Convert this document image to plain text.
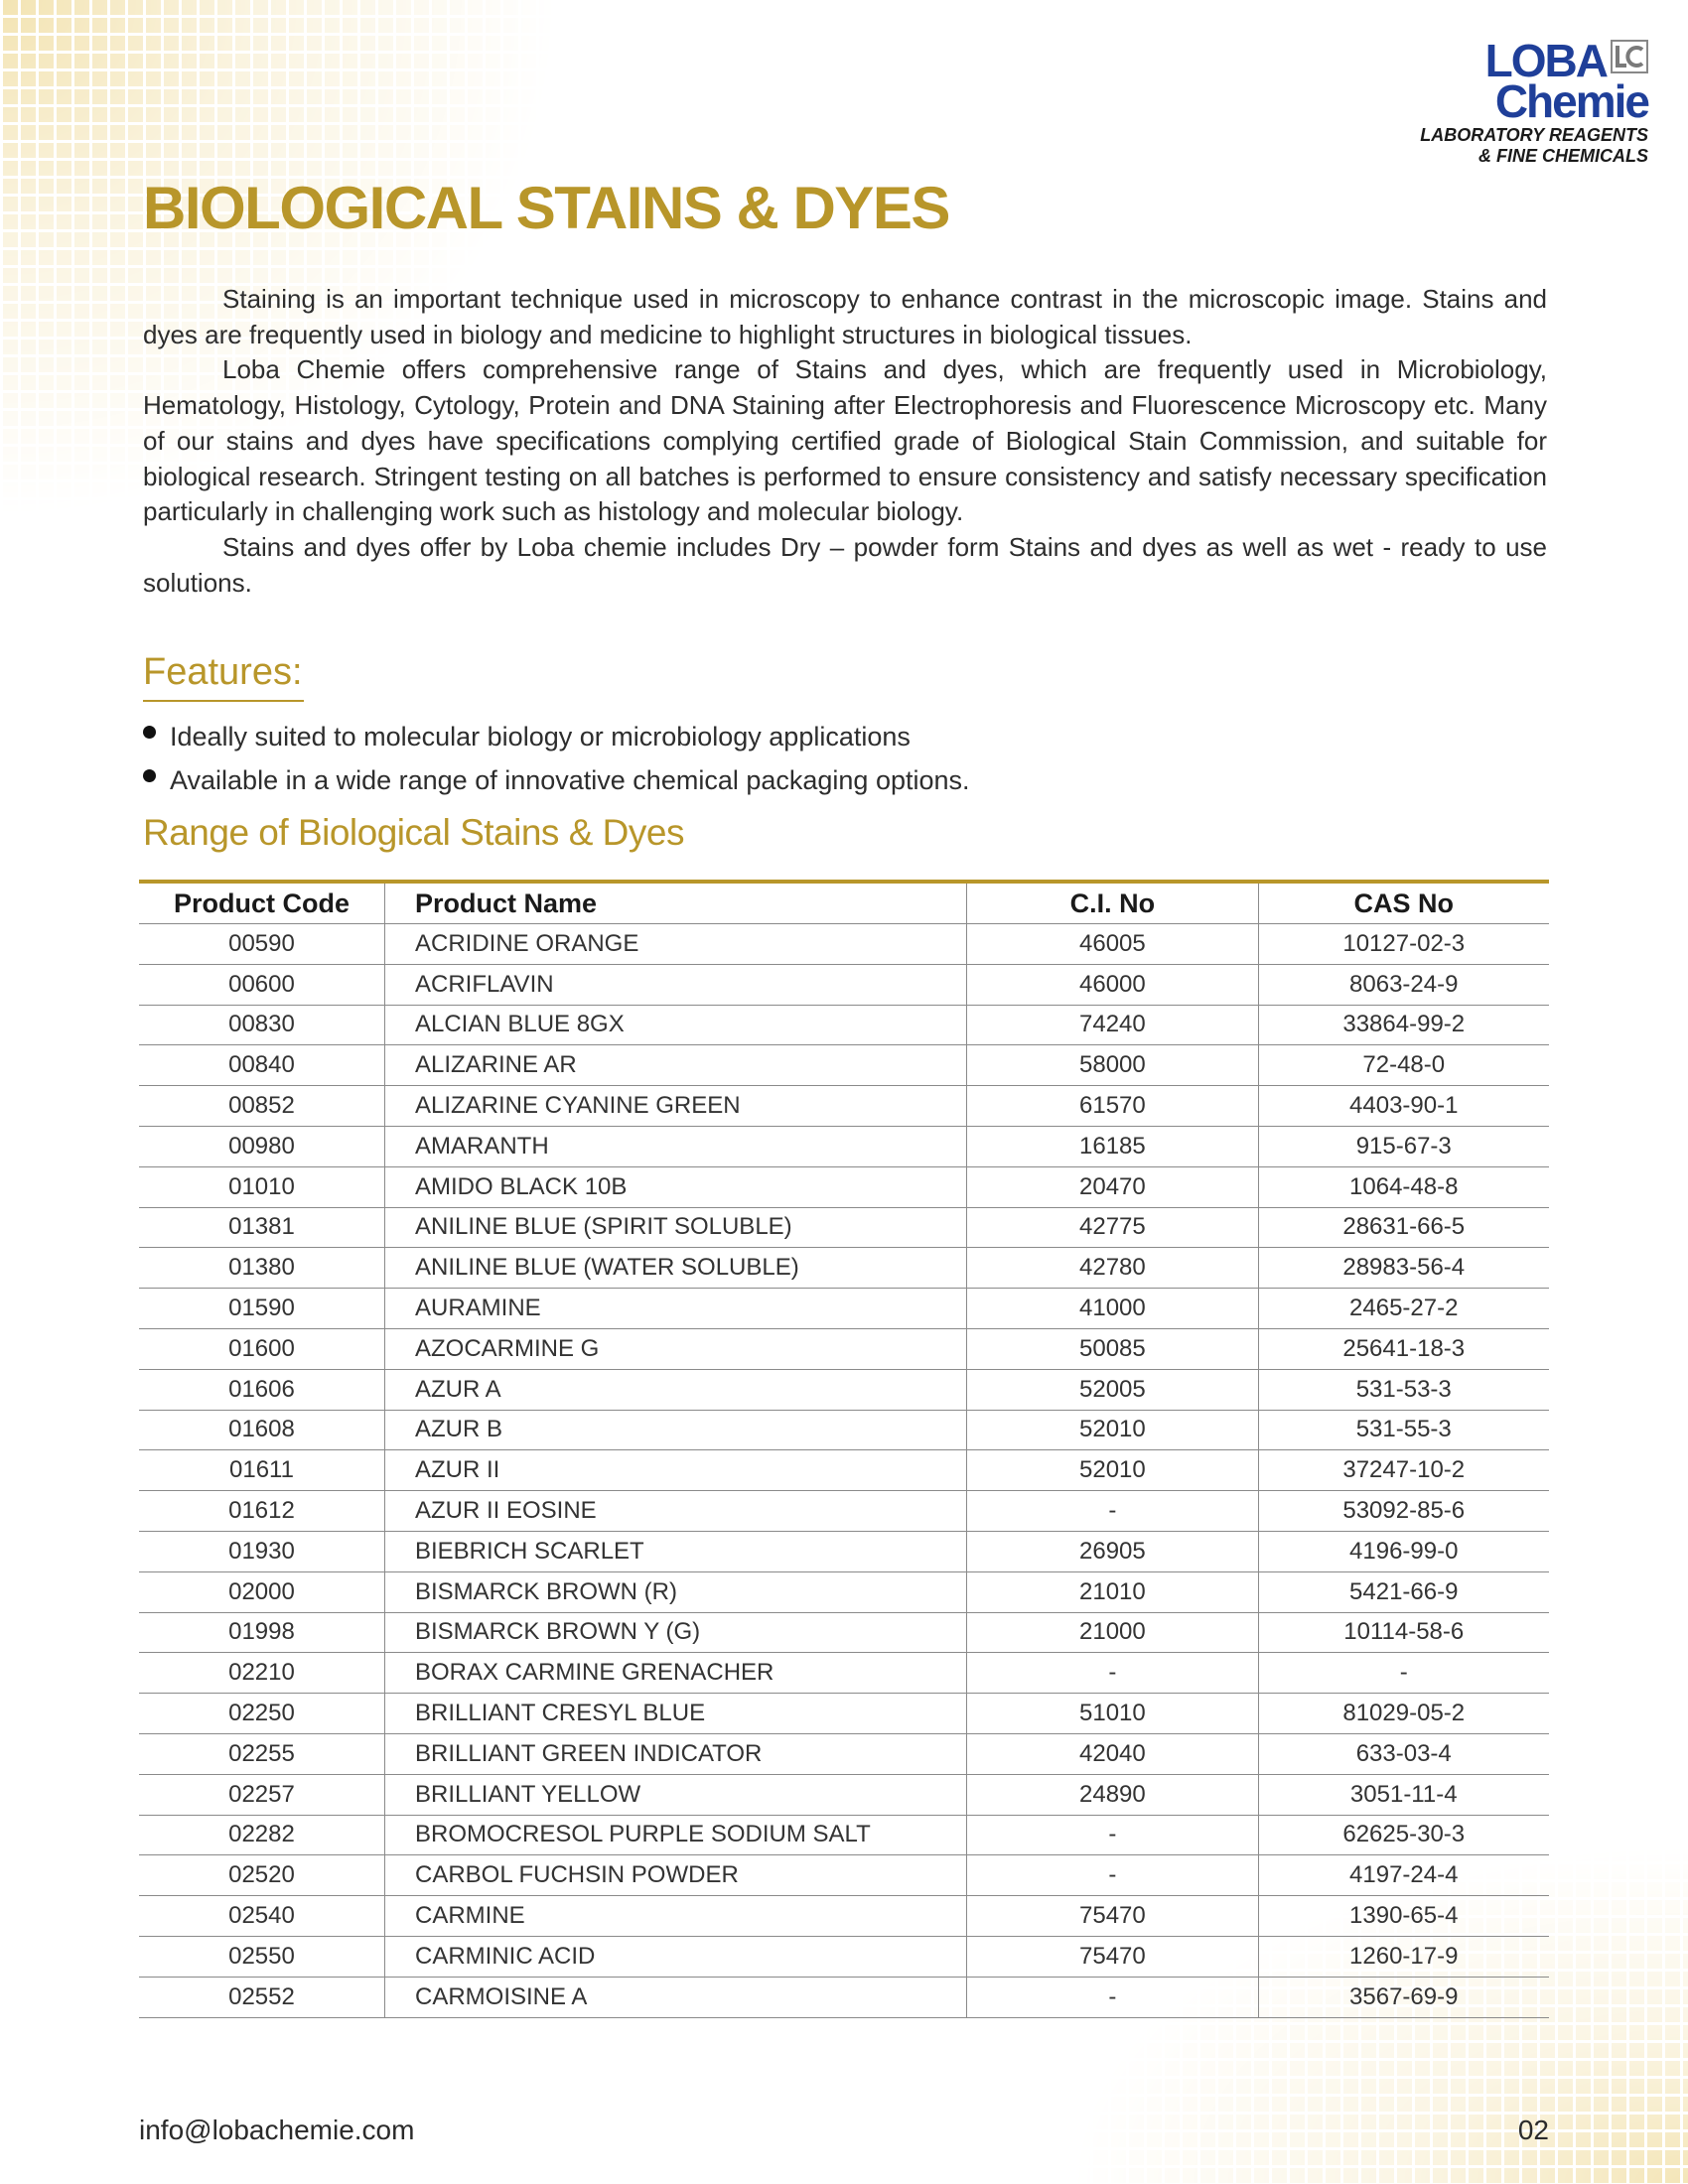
LOBA
Chemie
LABORATORY REAGENTS
& FINE CHEMICALS
BIOLOGICAL STAINS & DYES

Staining is an important technique used in microscopy to enhance contrast in the microscopic image. Stains and dyes are frequently used in biology and medicine to highlight structures in biological tissues.

Loba Chemie offers comprehensive range of Stains and dyes, which are frequently used in Microbiology, Hematology, Histology, Cytology, Protein and DNA Staining after Electrophoresis and Fluorescence Microscopy etc. Many of our stains and dyes have specifications complying certified grade of Biological Stain Commission, and suitable for biological research. Stringent testing on all batches is performed to ensure consistency and satisfy necessary specification particularly in challenging work such as histology and molecular biology.

Stains and dyes offer by Loba chemie includes Dry – powder form Stains and dyes as well as wet - ready to use solutions.

Features:
Ideally suited to molecular biology or microbiology applications
Available in a wide range of innovative chemical packaging options.
Range of Biological Stains & Dyes
Product Code	Product Name	C.I. No	CAS No
00590	ACRIDINE ORANGE	46005	10127-02-3
00600	ACRIFLAVIN	46000	8063-24-9
00830	ALCIAN BLUE 8GX	74240	33864-99-2
00840	ALIZARINE AR	58000	72-48-0
00852	ALIZARINE CYANINE GREEN	61570	4403-90-1
00980	AMARANTH	16185	915-67-3
01010	AMIDO BLACK 10B	20470	1064-48-8
01381	ANILINE BLUE (SPIRIT SOLUBLE)	42775	28631-66-5
01380	ANILINE BLUE (WATER SOLUBLE)	42780	28983-56-4
01590	AURAMINE	41000	2465-27-2
01600	AZOCARMINE G	50085	25641-18-3
01606	AZUR A	52005	531-53-3
01608	AZUR B	52010	531-55-3
01611	AZUR II	52010	37247-10-2
01612	AZUR II EOSINE	-	53092-85-6
01930	BIEBRICH SCARLET	26905	4196-99-0
02000	BISMARCK BROWN (R)	21010	5421-66-9
01998	BISMARCK BROWN Y (G)	21000	10114-58-6
02210	BORAX CARMINE GRENACHER	-	-
02250	BRILLIANT CRESYL BLUE	51010	81029-05-2
02255	BRILLIANT GREEN INDICATOR	42040	633-03-4
02257	BRILLIANT YELLOW	24890	3051-11-4
02282	BROMOCRESOL PURPLE SODIUM SALT	-	62625-30-3
02520	CARBOL FUCHSIN POWDER	-	4197-24-4
02540	CARMINE	75470	1390-65-4
02550	CARMINIC ACID	75470	1260-17-9
02552	CARMOISINE A	-	3567-69-9
info@lobachemie.com	02
